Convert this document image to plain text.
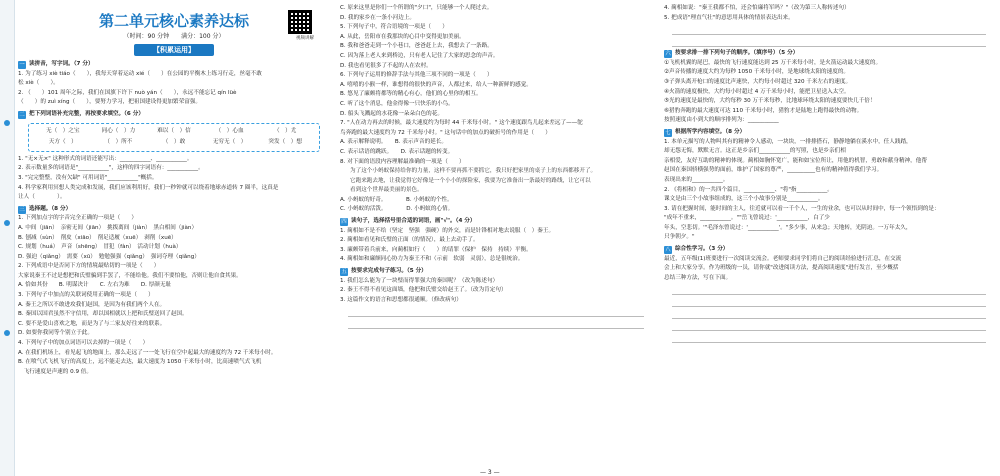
第二单元核心素养达标
视频讲解
（时间：90 分钟　　满分：100 分）
【积累运用】
一 读拼音，写字词。（7 分）
1. 为了练习 xiè tiáo（　　），我每天穿着运动 xié（　　）在公园的平衡木上练习行走，丝毫不敢
松 xiè（　　）。
2. （　　）101 周年之际，我们在国旗下许下 nuò yán（　　），永远不能忘记 qín lüè
（　　）的 zuì xíng（　　），要努力学习，把祖国建设得更加繁荣富强。
二 把下列词语补充完整，再按要求填空。（6 分）
无（　）之宝	同心（　）力	难以（　）信	（　）心血	（　）尤
天方（　）	（　）所不	（　）敢	无穷无（　）	突发（　）想
1. "无×无×" 这种形式的词语还能写出：___________、___________。
2. 表示数量多的词语是"___________"，这样的四字词语有：___________。
3. "完完整整，没有欠缺" 可用词语"___________"概括。
4. 科学家利用冥想人类完成和发展，我们应该利用好，我们一秒钟就可以绕着地球赤道转 7 圈半，这真是
让人（　　　　）。
三 选择题。（8 分）
1. 下列加点字的字音完全正确的一项是（　　）
A. 中间（jiān）　亲密无间（jiān）　挑拨离间（jiàn）　黑白相间（jiàn）
B. 刨减（sùn）　削皮（xiāo）　削足适履（xuē）　剥削（xuē）
C. 规划（huá）　声音（shēng）　冒犯（fàn）　活动计划（huà）
D. 强迫（qiǎng）　需要（xū）　勉勉强强（qiǎng）　强词夺理（qiǎng）
2. 下列成语中是否同下方的情境最贴切的一项是（　　）
大家说秦王不过是想把和氏璧骗到手罢了，不能给他。我们不要怕他，否则让他自食其果。
A. 恰如其份　　B. 明谋决计　　C. 左右为难　　D. 厚颜无耻
3. 下列句子中加点的关联词使用正确的一项是（　　）
A. 秦王之所以不敢进攻我们赵国，是因为有我们两个人在。
B. 秦国以国君虽然不守信用，却以国相就以上把和氏璧送回了赵国。
C. 要不是爱山喜欢之地，而是为了与二家友好往来的联系。
D. 如要你我同等个别立于此。
4. 下列句子中的加点词语可以去掉的一项是（　　）
A. 在我们机场上，看见起飞的地面上，那么走远了一一处飞行在空中起最大的速度约为 72 千米每小时。
B. 在喷气式飞机飞行的高度上，远不能走去达，最大速度为 1050 千米每小时，比高速喷气式飞机
　飞行速度是声速的 0.9 倍。
C. 原来这里是你们一个所谓的"夕口"，只能够一个人爬过去。
D. 我的家乡在一条小河边上。
5. 下列句子中，符合语境的一项是（　　）
A. 从此，岳阳市在我那块的心目中变得更加美丽。
B. 我和爸爸走到一个小巷口，爸爸赶上去，我想去了一条路。
C. 因为落上老人来到桥边，只有老人记住了大家的思念的声音。
D. 我也看见很多了不起的人在农村。
6. 下列句子运用的修辞手法与其他三项不同的一项是（　　）
A. 嘻嘻的小猴一样，谁想得的很快的声音，人都过来，给人一种新鲜的感觉。
B. 悠见了廉颇将都等的精心有心，他们的心里你的相互。
C. 听了这个消息，他金得像一只快乐的小鸟。
D. 船头飞溅起的水花像一朵朵白色的花。
7. "人在动力再去的时候，最大速度约为每时 44 千米每小时。" 这个速度跟鸟儿起来差远了——鸵
鸟奔跑的最大速度约为 72 千米每小时。" 这句话中的加点的破折号的作用是（　　）
A. 表示解释说明。　　B. 表示声音的延长。
C. 表示话语的跳跃。　　D. 表示话题的转变。
8. 对下面的语段内容理解最准确的一项是（　　）
为了这个小蚂蚁保持给你的力量，这样不要再抓不要抓它，我只好把家里的桌子上的东西都移开了。
它跑来跑去地，让我觉得它好像是一个小小的探险家，我要为它准备出一条最好的路线，让它可以
看到这个世界最美丽的景色。
A. 小蚂蚁的好奇。　　　　B. 小蚂蚁的个性。
C. 小蚂蚁的活泼。　　　　D. 小蚂蚁的心情。
四 读句子，选择括号里合适的词语，画"√"。（4 分）
1. 蔺相如不是不给（坚定　坚强　强硬）的外交，而是针锋相对地去说服（　）秦王。
2. 蔺相如看见和氏璧的正面（的情况），最上去动手了。
3. 廉颇带着兵前来，向蔺相如行（　　）的请罪（保护　保持　持续）平衡。
4. 蔺相如和廉颇同心协力为秦王不和（示前　软弱　灵弱），总是很统治。
五 按要求完成句子练习。（5 分）
1. 我们怎么能为了一块璧而得罪强大的秦国呢？（改为陈述句）
2. 秦王不得不看见这面墙，他把和氏璧交给赵王了。（改为肯定句）
3. 这篇作文的语言和思想都很通顺。（修改病句）
4. 蔺相如说："秦王我都不怕，还会怕廉将军吗？"（改为第三人称转述句）
5. 把成语"理直气壮"的意思用具体的情景表达出来。
六 按要求排一排下列句子的顺序。（填序号）（5 分）
①飞机机翼的尾巴，最快的飞行速度能达到 25 万千米每小时，是火箭运动最大速度的。
②声音传播的速度大约为每秒 1050 千米每小时，是地球绕太阳的速度的。
③子弹头离开枪口的速度比声速快，大约每小时超过 320 千米左右的速度。
④火箭的速度极快，大约每小时超过 4 万千米每小时，能把卫星送入太空。
⑤光的速度是最快的，大约每秒 30 万千米每秒，比地球环绕太阳的速度要快几千倍！
⑥猎豹奔跑的最大速度可达 110 千米每小时，猎豹才是陆地上跑得最快的动物。
按照速度由小到大的顺序排列为：___________
七 根据所学内容填空。（8 分）
1. 本单元描写的人物叫其有的精神令人感动，一块块，一排排搭石，静静地躺在溪水中，任人践踏，
却无怨无悔，默默无言。这正是乡亲们___________的写照，也是乡亲们相
亲相爱，友好互助的精神的体现。蔺相如胸怀宽广，能和如宝位所让，用他的机智，勇敢和献身精神，他帮
赵国在秦国骄横强势的面前，维护了国家的尊严，__________也有的精神值得我们学习。
表现出来的___________。
2. 《将相和》的一共四个篇目，___________、"将"指___________。
课文是由三个小故事组成的，这三个小故事分别是___________。
3. 请在把握时间，能时间的主人，往近就可以看一千个人，一生的业余，也可以从时间中，每一个领悟到的是：
"成年不重来，___________。""岳飞曾说过：'___________，白了少
年头，空悲切。'"毛泽东曾说过：'___________'。"多少事，从来急；天地转，光阴迫。一万年太久，
只争朝夕。"
八 综合性学习。（3 分）
最近，五年级(1)班要进行一次阅读交流会。老师要求同学们将自己的阅读经验进行汇总，在交流
会上和大家分享。作为班级的一员，请你就"改进阅读方法，提高阅读速度"进行发言，至少概括
总结三种方法，写在下面。
— 3 —
